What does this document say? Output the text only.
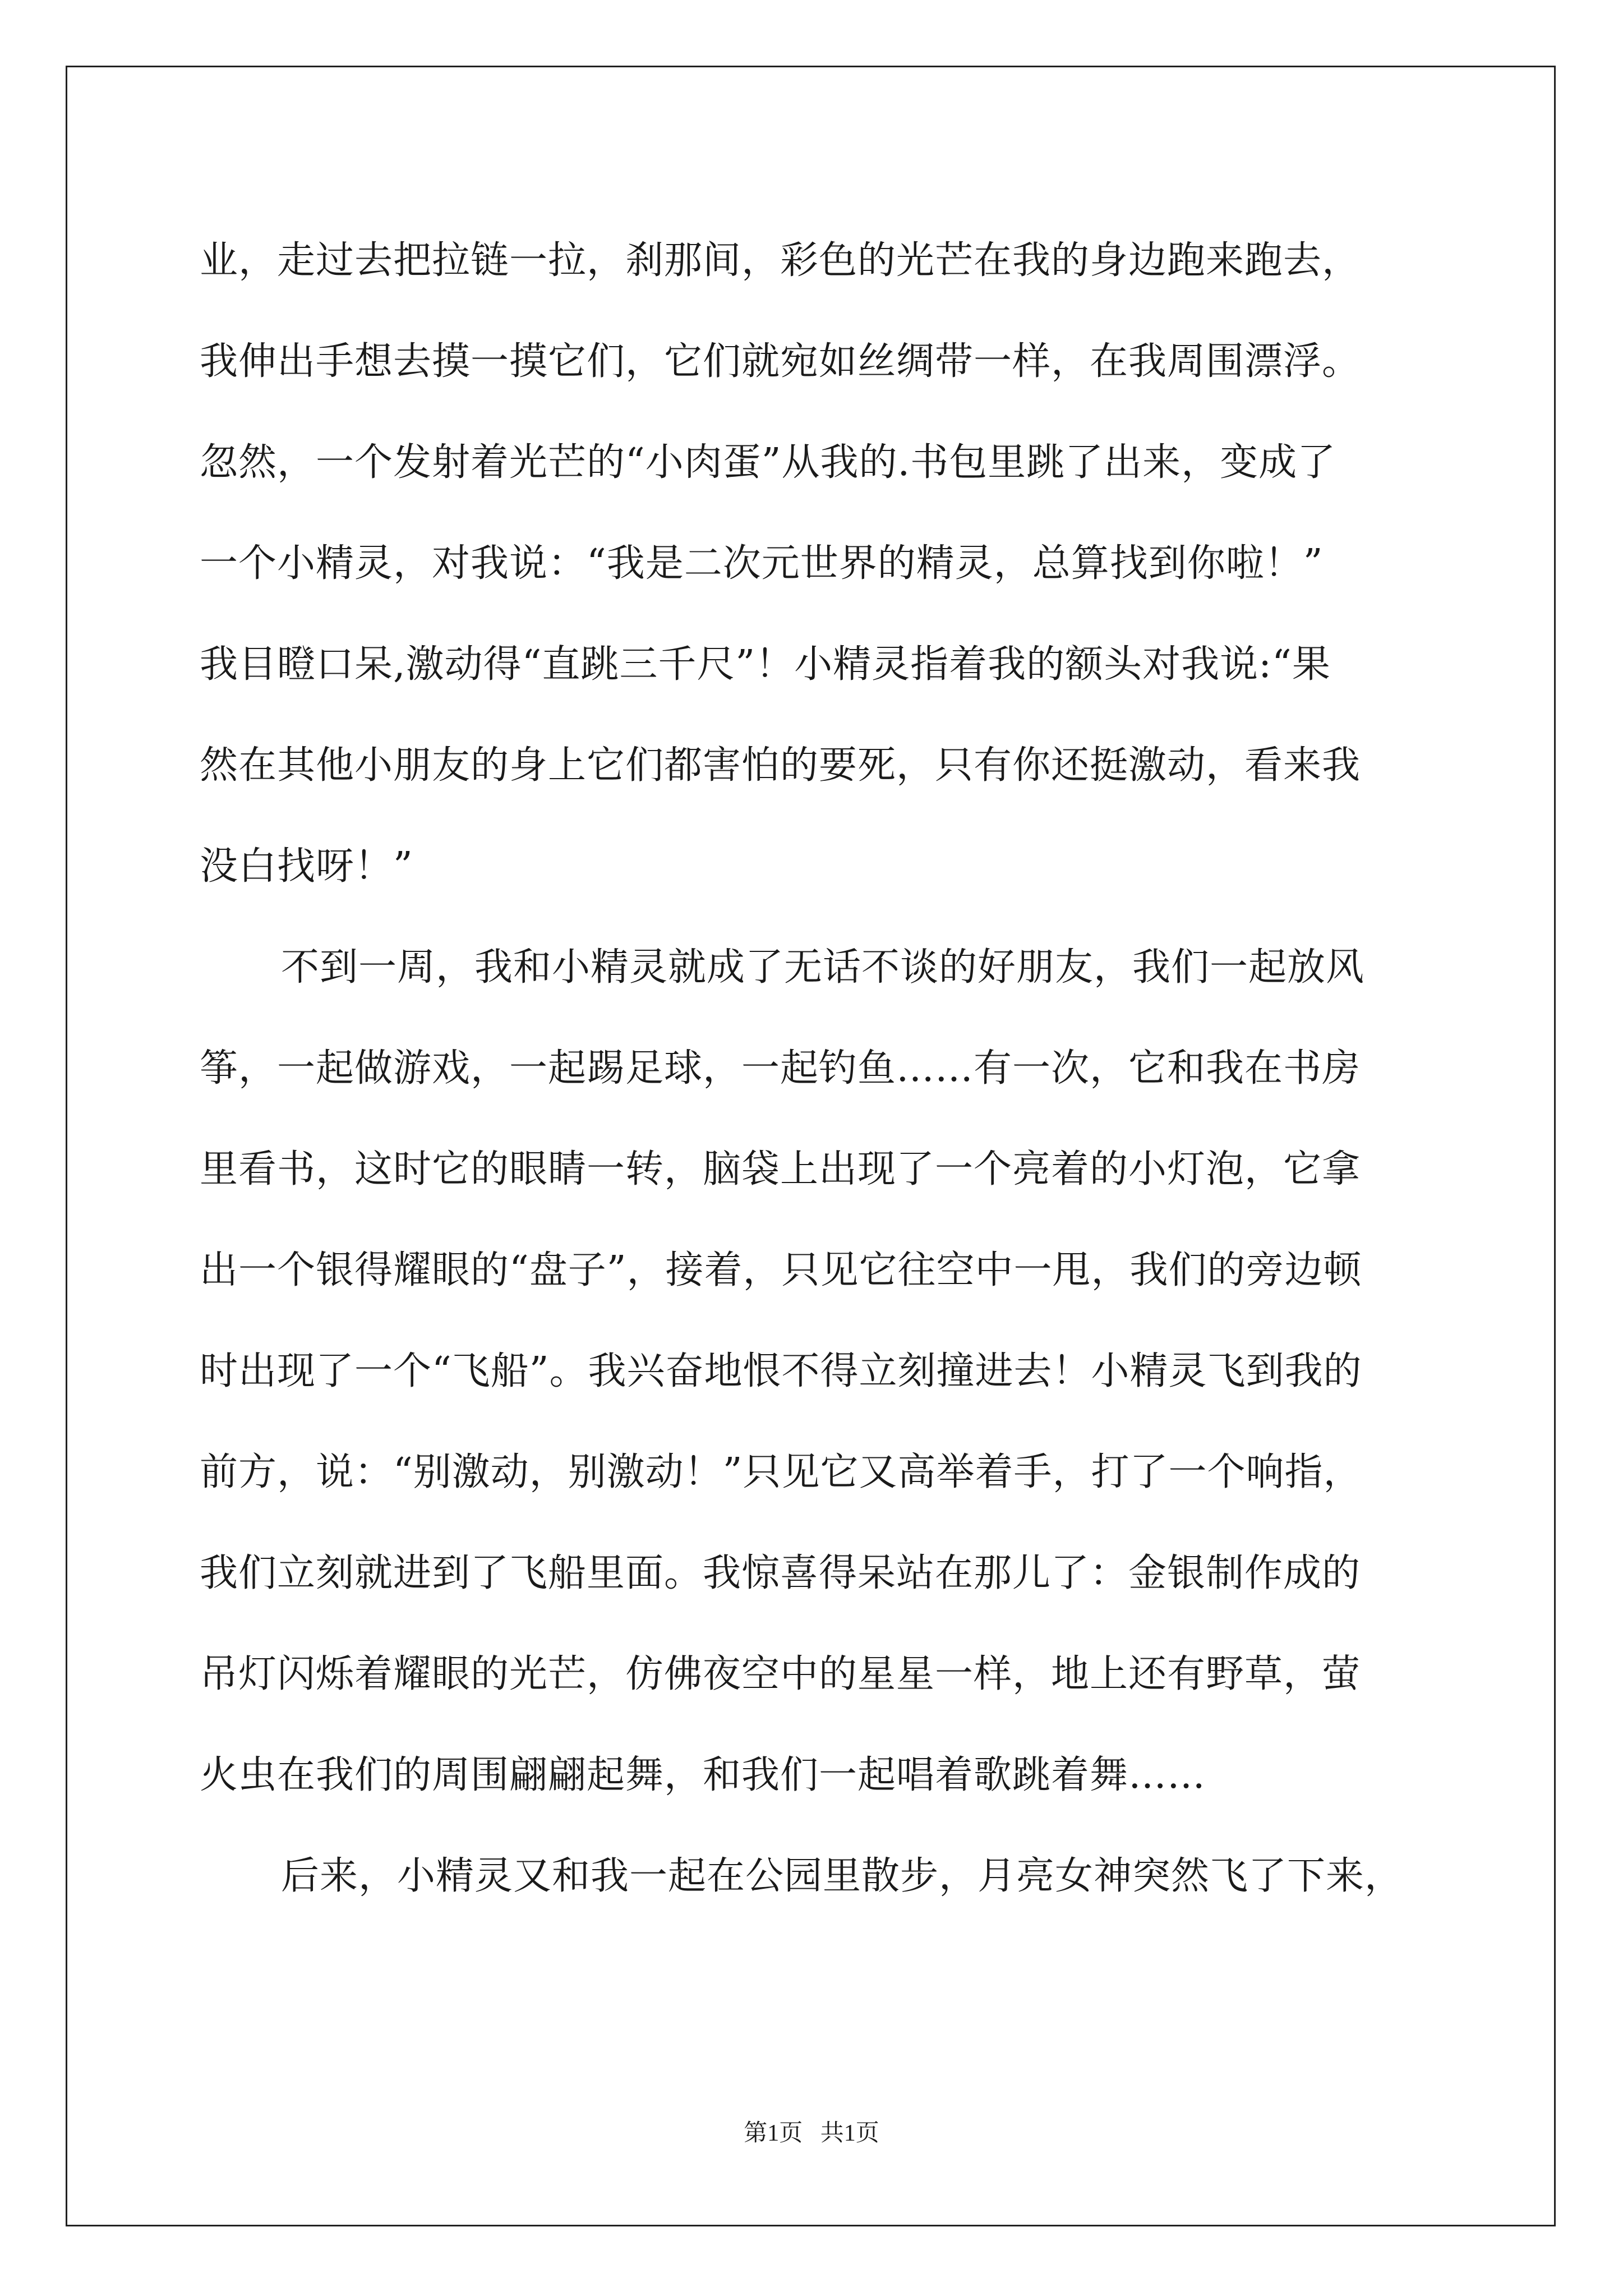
业，走过去把拉链一拉，刹那间，彩色的光芒在我的身边跑来跑去，
我伸出手想去摸一摸它们，它们就宛如丝绸带一样，在我周围漂浮。
忽然，一个发射着光芒的“小肉蛋”从我的.书包里跳了出来，变成了
一个小精灵，对我说：“我是二次元世界的精灵，总算找到你啦！”
我目瞪口呆,激动得“直跳三千尺”！小精灵指着我的额头对我说:“果
然在其他小朋友的身上它们都害怕的要死，只有你还挺激动，看来我
没白找呀！”
不到一周，我和小精灵就成了无话不谈的好朋友，我们一起放风
筝，一起做游戏，一起踢足球，一起钓鱼……有一次，它和我在书房
里看书，这时它的眼睛一转，脑袋上出现了一个亮着的小灯泡，它拿
出一个银得耀眼的“盘子”，接着，只见它往空中一甩，我们的旁边顿
时出现了一个“飞船”。我兴奋地恨不得立刻撞进去！小精灵飞到我的
前方，说：“别激动，别激动！”只见它又高举着手，打了一个响指，
我们立刻就进到了飞船里面。我惊喜得呆站在那儿了：金银制作成的
吊灯闪烁着耀眼的光芒，仿佛夜空中的星星一样，地上还有野草，萤
火虫在我们的周围翩翩起舞，和我们一起唱着歌跳着舞……
后来，小精灵又和我一起在公园里散步，月亮女神突然飞了下来，
第1页   共1页
